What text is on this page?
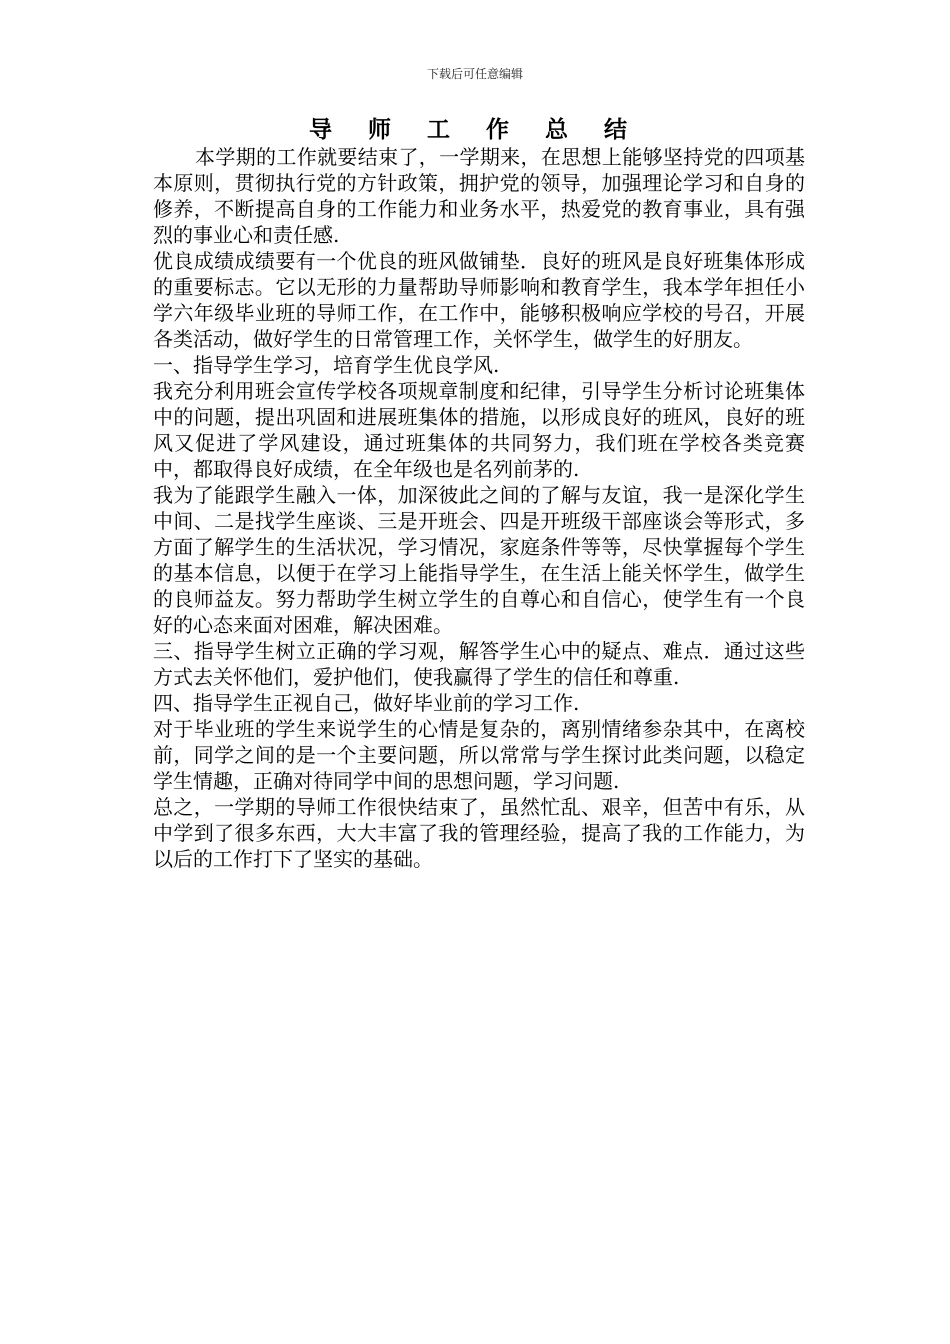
下载后可任意编辑
导 师 工 作 总 结

本学期的工作就要结束了，一学期来，在思想上能够坚持党的四项基本原则，贯彻执行党的方针政策，拥护党的领导，加强理论学习和自身的修养，不断提高自身的工作能力和业务水平，热爱党的教育事业，具有强烈的事业心和责任感.

优良成绩成绩要有一个优良的班风做铺垫．良好的班风是良好班集体形成的重要标志。它以无形的力量帮助导师影响和教育学生，我本学年担任小学六年级毕业班的导师工作，在工作中，能够积极响应学校的号召，开展各类活动，做好学生的日常管理工作，关怀学生，做学生的好朋友。

一、指导学生学习，培育学生优良学风.

我充分利用班会宣传学校各项规章制度和纪律，引导学生分析讨论班集体中的问题，提出巩固和进展班集体的措施，以形成良好的班风，良好的班风又促进了学风建设，通过班集体的共同努力，我们班在学校各类竞赛中，都取得良好成绩，在全年级也是名列前茅的.

我为了能跟学生融入一体，加深彼此之间的了解与友谊，我一是深化学生中间、二是找学生座谈、三是开班会、四是开班级干部座谈会等形式，多方面了解学生的生活状况，学习情况，家庭条件等等，尽快掌握每个学生的基本信息，以便于在学习上能指导学生，在生活上能关怀学生，做学生的良师益友。努力帮助学生树立学生的自尊心和自信心，使学生有一个良好的心态来面对困难，解决困难。

三、指导学生树立正确的学习观，解答学生心中的疑点、难点．通过这些方式去关怀他们，爱护他们，使我赢得了学生的信任和尊重.

四、指导学生正视自己，做好毕业前的学习工作.

对于毕业班的学生来说学生的心情是复杂的，离别情绪参杂其中，在离校前，同学之间的是一个主要问题，所以常常与学生探讨此类问题，以稳定学生情趣，正确对待同学中间的思想问题，学习问题.

总之，一学期的导师工作很快结束了，虽然忙乱、艰辛，但苦中有乐，从中学到了很多东西，大大丰富了我的管理经验，提高了我的工作能力，为以后的工作打下了坚实的基础。
